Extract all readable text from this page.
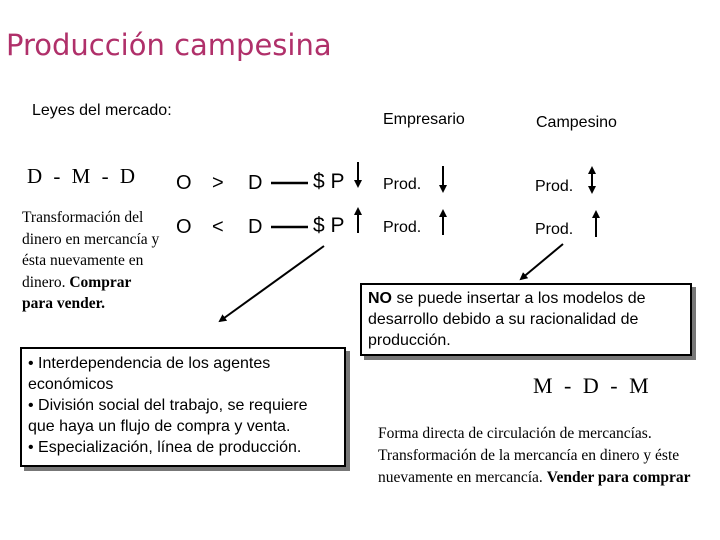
Producción campesina
Leyes del mercado:
Empresario	Campesino
D - M - D O > D $ P Prod.	Prod.
O < D $ P Prod.	Prod.
Transformación del dinero en mercancía y ésta nuevamente en dinero. Comprar para vender.
• Interdependencia de los agentes económicos
• División social del trabajo, se requiere que haya un flujo de compra y venta.
• Especialización, línea de producción.
NO se puede insertar a los modelos de desarrollo debido a su racionalidad de producción.
M - D - M
Forma directa de circulación de mercancías. Transformación de la mercancía en dinero y éste nuevamente en mercancía. Vender para comprar
